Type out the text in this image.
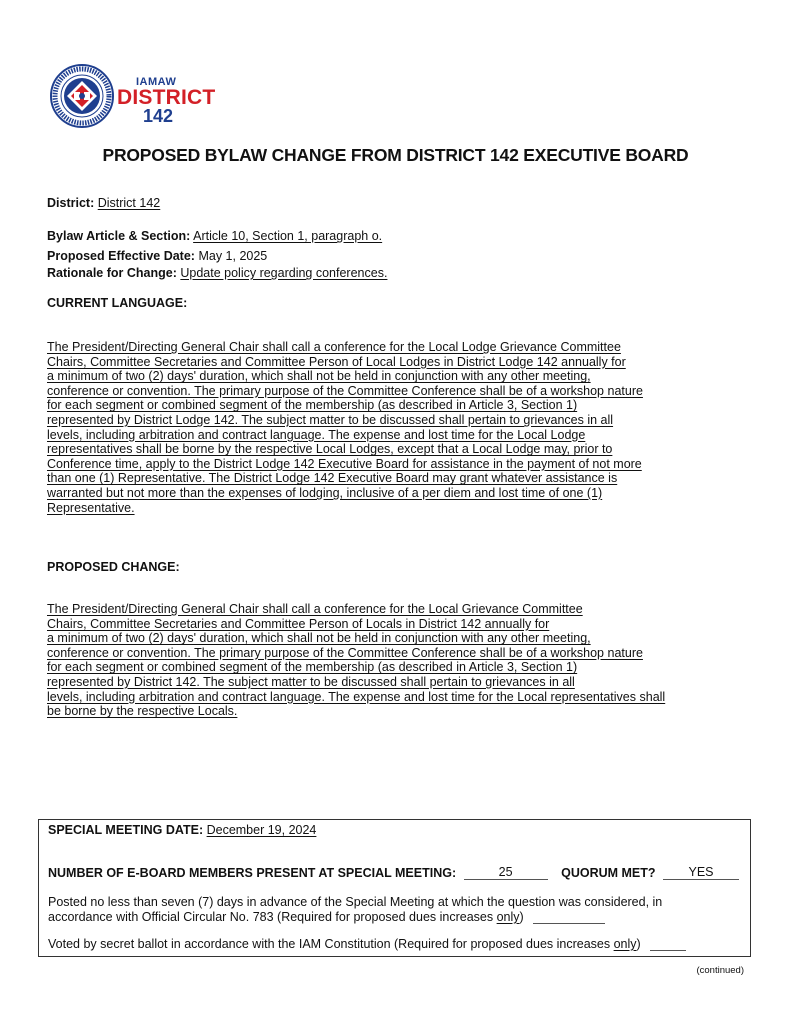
IAMAW
DISTRICT
142
PROPOSED BYLAW CHANGE FROM DISTRICT 142 EXECUTIVE BOARD
District: District 142
Bylaw Article & Section: Article 10, Section 1, paragraph o.
Proposed Effective Date: May 1, 2025
Rationale for Change: Update policy regarding conferences.
CURRENT LANGUAGE:
The President/Directing General Chair shall call a conference for the Local Lodge Grievance Committee
Chairs, Committee Secretaries and Committee Person of Local Lodges in District Lodge 142 annually for
a minimum of two (2) days' duration, which shall not be held in conjunction with any other meeting,
conference or convention. The primary purpose of the Committee Conference shall be of a workshop nature
for each segment or combined segment of the membership (as described in Article 3, Section 1)
represented by District Lodge 142. The subject matter to be discussed shall pertain to grievances in all
levels, including arbitration and contract language. The expense and lost time for the Local Lodge
representatives shall be borne by the respective Local Lodges, except that a Local Lodge may, prior to
Conference time, apply to the District Lodge 142 Executive Board for assistance in the payment of not more
than one (1) Representative. The District Lodge 142 Executive Board may grant whatever assistance is
warranted but not more than the expenses of lodging, inclusive of a per diem and lost time of one (1)
Representative.
PROPOSED CHANGE:
The President/Directing General Chair shall call a conference for the Local Grievance Committee
Chairs, Committee Secretaries and Committee Person of Locals in District 142 annually for
a minimum of two (2) days' duration, which shall not be held in conjunction with any other meeting,
conference or convention. The primary purpose of the Committee Conference shall be of a workshop nature
for each segment or combined segment of the membership (as described in Article 3, Section 1)
represented by District 142. The subject matter to be discussed shall pertain to grievances in all
levels, including arbitration and contract language. The expense and lost time for the Local representatives shall
be borne by the respective Locals.
SPECIAL MEETING DATE: December 19, 2024
NUMBER OF E-BOARD MEMBERS PRESENT AT SPECIAL MEETING:	25	QUORUM MET?	YES
Posted no less than seven (7) days in advance of the Special Meeting at which the question was considered, in
accordance with Official Circular No. 783 (Required for proposed dues increases only)
Voted by secret ballot in accordance with the IAM Constitution (Required for proposed dues increases only)
(continued)
